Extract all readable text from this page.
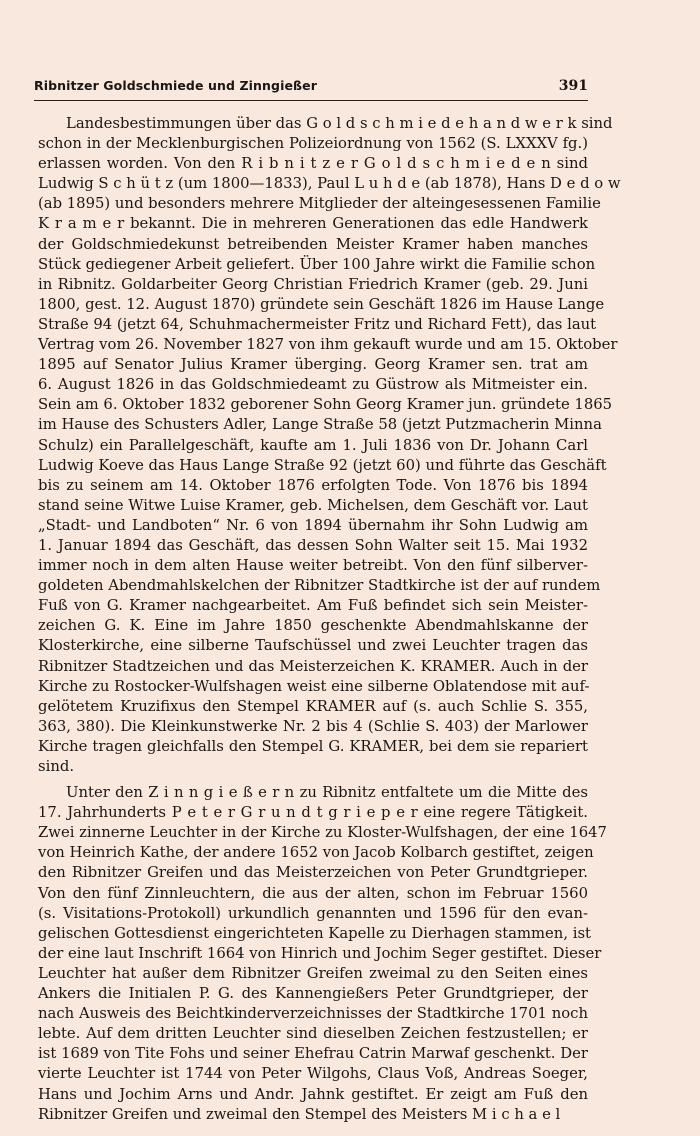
Ribnitzer Goldschmiede und Zinngießer	391
Landesbestimmungen über das G o l d s c h m i e d e h a n d w e r k sind
schon in der Mecklenburgischen Polizeiordnung von 1562 (S. LXXXV fg.)
erlassen worden. Von den R i b n i t z e r G o l d s c h m i e d e n sind
Ludwig S c h ü t z (um 1800—1833), Paul L u h d e (ab 1878), Hans D e d o w
(ab 1895) und besonders mehrere Mitglieder der alteingesessenen Familie
K r a m e r bekannt. Die in mehreren Generationen das edle Handwerk
der Goldschmiedekunst betreibenden Meister Kramer haben manches
Stück gediegener Arbeit geliefert. Über 100 Jahre wirkt die Familie schon
in Ribnitz. Goldarbeiter Georg Christian Friedrich Kramer (geb. 29. Juni
1800, gest. 12. August 1870) gründete sein Geschäft 1826 im Hause Lange
Straße 94 (jetzt 64, Schuhmachermeister Fritz und Richard Fett), das laut
Vertrag vom 26. November 1827 von ihm gekauft wurde und am 15. Oktober
1895 auf Senator Julius Kramer überging. Georg Kramer sen. trat am
6. August 1826 in das Goldschmiedeamt zu Güstrow als Mitmeister ein.
Sein am 6. Oktober 1832 geborener Sohn Georg Kramer jun. gründete 1865
im Hause des Schusters Adler, Lange Straße 58 (jetzt Putzmacherin Minna
Schulz) ein Parallelgeschäft, kaufte am 1. Juli 1836 von Dr. Johann Carl
Ludwig Koeve das Haus Lange Straße 92 (jetzt 60) und führte das Geschäft
bis zu seinem am 14. Oktober 1876 erfolgten Tode. Von 1876 bis 1894
stand seine Witwe Luise Kramer, geb. Michelsen, dem Geschäft vor. Laut
„Stadt- und Landboten“ Nr. 6 von 1894 übernahm ihr Sohn Ludwig am
1. Januar 1894 das Geschäft, das dessen Sohn Walter seit 15. Mai 1932
immer noch in dem alten Hause weiter betreibt. Von den fünf silberver-
goldeten Abendmahlskelchen der Ribnitzer Stadtkirche ist der auf rundem
Fuß von G. Kramer nachgearbeitet. Am Fuß befindet sich sein Meister-
zeichen G. K. Eine im Jahre 1850 geschenkte Abendmahlskanne der
Klosterkirche, eine silberne Taufschüssel und zwei Leuchter tragen das
Ribnitzer Stadtzeichen und das Meisterzeichen K. KRAMER. Auch in der
Kirche zu Rostocker-Wulfshagen weist eine silberne Oblatendose mit auf-
gelötetem Kruzifixus den Stempel KRAMER auf (s. auch Schlie S. 355,
363, 380). Die Kleinkunstwerke Nr. 2 bis 4 (Schlie S. 403) der Marlower
Kirche tragen gleichfalls den Stempel G. KRAMER, bei dem sie repariert
sind.
Unter den Z i n n g i e ß e r n zu Ribnitz entfaltete um die Mitte des
17. Jahrhunderts P e t e r G r u n d t g r i e p e r eine regere Tätigkeit.
Zwei zinnerne Leuchter in der Kirche zu Kloster-Wulfshagen, der eine 1647
von Heinrich Kathe, der andere 1652 von Jacob Kolbarch gestiftet, zeigen
den Ribnitzer Greifen und das Meisterzeichen von Peter Grundtgrieper.
Von den fünf Zinnleuchtern, die aus der alten, schon im Februar 1560
(s. Visitations-Protokoll) urkundlich genannten und 1596 für den evan-
gelischen Gottesdienst eingerichteten Kapelle zu Dierhagen stammen, ist
der eine laut Inschrift 1664 von Hinrich und Jochim Seger gestiftet. Dieser
Leuchter hat außer dem Ribnitzer Greifen zweimal zu den Seiten eines
Ankers die Initialen P. G. des Kannengießers Peter Grundtgrieper, der
nach Ausweis des Beichtkinderverzeichnisses der Stadtkirche 1701 noch
lebte. Auf dem dritten Leuchter sind dieselben Zeichen festzustellen; er
ist 1689 von Tite Fohs und seiner Ehefrau Catrin Marwaf geschenkt. Der
vierte Leuchter ist 1744 von Peter Wilgohs, Claus Voß, Andreas Soeger,
Hans und Jochim Arns und Andr. Jahnk gestiftet. Er zeigt am Fuß den
Ribnitzer Greifen und zweimal den Stempel des Meisters M i c h a e l
